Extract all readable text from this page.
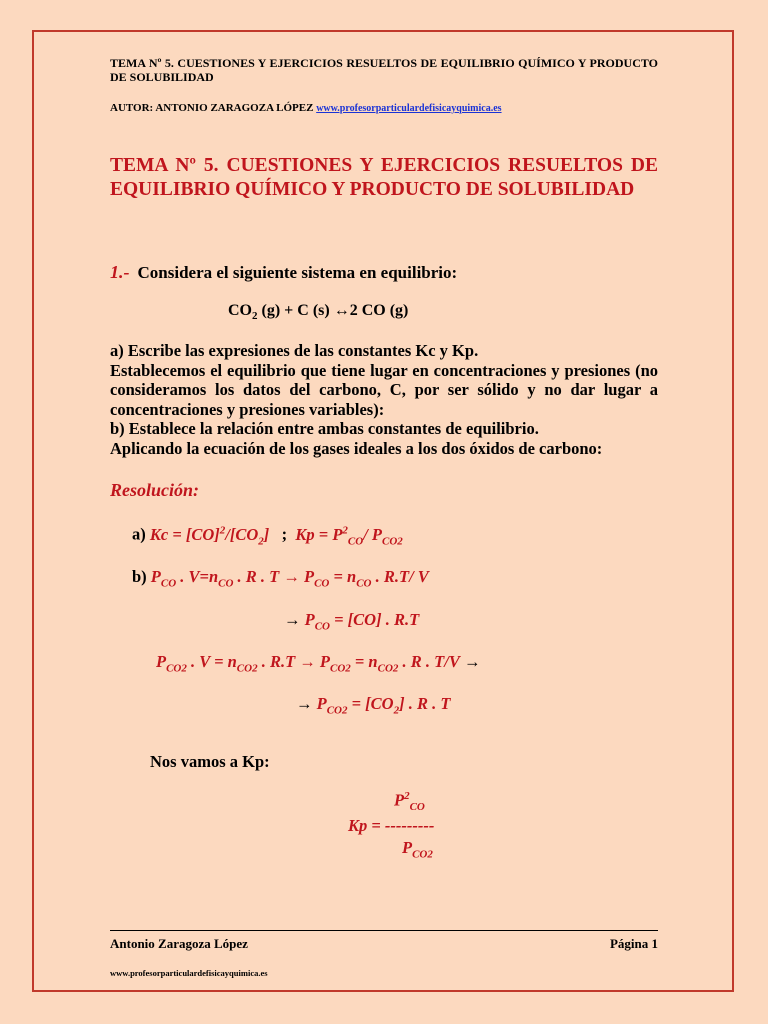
TEMA Nº 5. CUESTIONES Y EJERCICIOS RESUELTOS DE EQUILIBRIO QUÍMICO Y PRODUCTO DE SOLUBILIDAD
AUTOR: ANTONIO ZARAGOZA LÓPEZ www.profesorparticulardefisicayquimica.es
TEMA Nº 5. CUESTIONES Y EJERCICIOS RESUELTOS DE EQUILIBRIO QUÍMICO Y PRODUCTO DE SOLUBILIDAD
1.- Considera el siguiente sistema en equilibrio:
$CO_2$ (g) + C (s) ↔2 CO (g)
a) Escribe las expresiones de las constantes Kc y Kp.
Establecemos el equilibrio que tiene lugar en concentraciones y presiones (no consideramos los datos del carbono, C, por ser sólido y no dar lugar a concentraciones y presiones variables):
b) Establece la relación entre ambas constantes de equilibrio.
Aplicando la ecuación de los gases ideales a los dos óxidos de carbono:
Resolución:
a) $Kc = [CO]^2/[CO_2]$   ;  $Kp = P^2_{CO}/$ $P_{CO2}$
b) $P_{CO}$ . $V=n_{CO}$ . R . $T \to P_{CO} = n_{CO}$ . R.T/ V
→ $P_{CO} = [CO]$ . R.T
$P_{CO2}$ . $V = n_{CO2}$ . $R.T \to P_{CO2} = n_{CO2}$ . R . T/V →
→ $P_{CO2} = [CO_2]$ . R . T
Nos vamos a Kp:
$P^2_{CO}$
Kp = ---------
$P_{CO2}$
Antonio Zaragoza López	Página 1
www.profesorparticulardefisicayquimica.es
